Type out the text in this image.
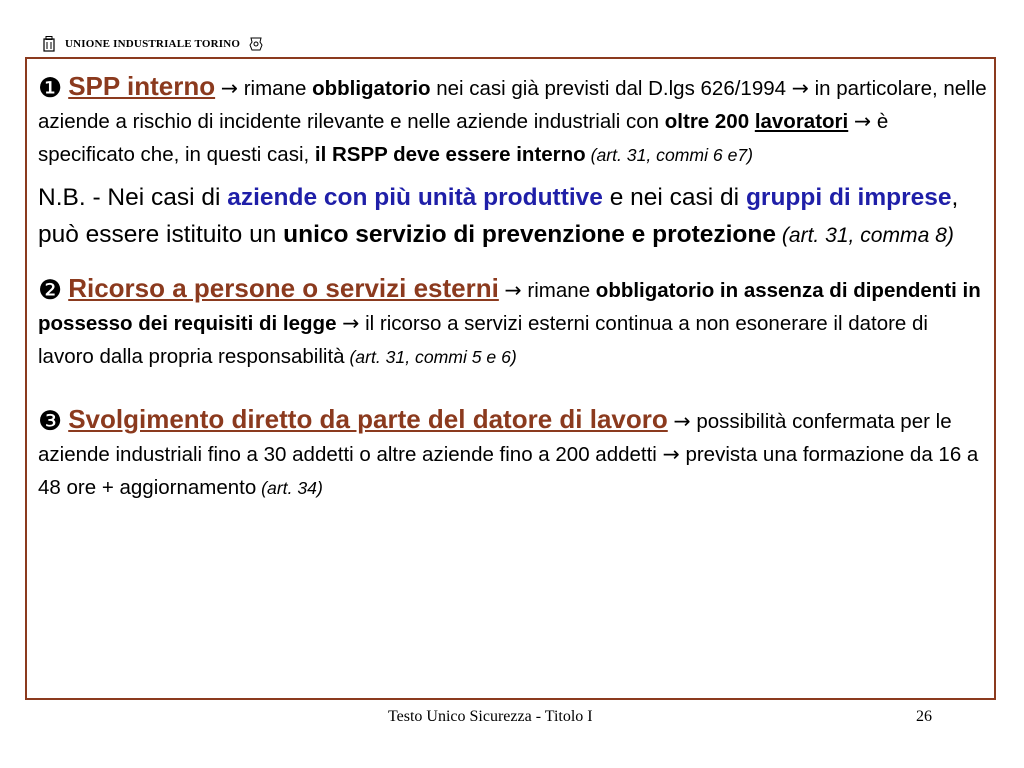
UNIONE INDUSTRIALE TORINO

❶ SPP interno → rimane obbligatorio nei casi già previsti dal D.lgs 626/1994 → in particolare, nelle aziende a rischio di incidente rilevante e nelle aziende industriali con oltre 200 lavoratori → è specificato che, in questi casi, il RSPP deve essere interno (art. 31, commi 6 e7)

N.B. - Nei casi di aziende con più unità produttive e nei casi di gruppi di imprese, può essere istituito un unico servizio di prevenzione e protezione (art. 31, comma 8)

❷ Ricorso a persone o servizi esterni → rimane obbligatorio in assenza di dipendenti in possesso dei requisiti di legge → il ricorso a servizi esterni continua a non esonerare il datore di lavoro dalla propria responsabilità (art. 31, commi 5 e 6)

❸ Svolgimento diretto da parte del datore di lavoro → possibilità confermata per le aziende industriali fino a 30 addetti o altre aziende fino a 200 addetti → prevista una formazione da 16 a 48 ore + aggiornamento (art. 34)

Testo Unico Sicurezza - Titolo I	26
